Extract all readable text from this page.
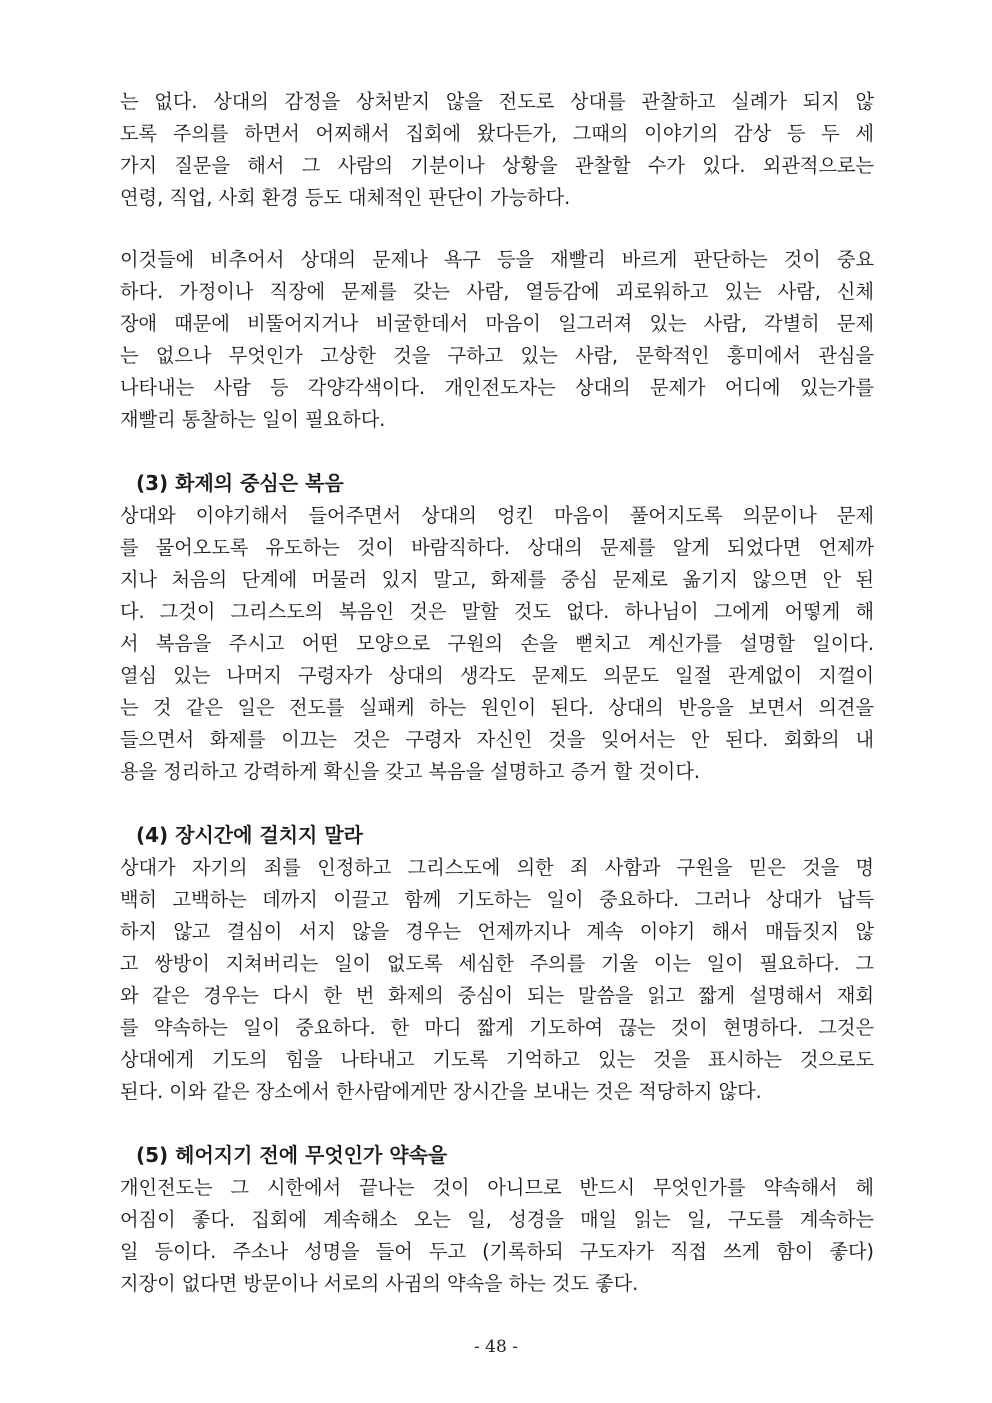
는 없다. 상대의 감정을 상처받지 않을 전도로 상대를 관찰하고 실례가 되지 않
도록 주의를 하면서 어찌해서 집회에 왔다든가, 그때의 이야기의 감상 등 두 세
가지 질문을 해서 그 사람의 기분이나 상황을 관찰할 수가 있다. 외관적으로는
연령, 직업, 사회 환경 등도 대체적인 판단이 가능하다.
이것들에 비추어서 상대의 문제나 욕구 등을 재빨리 바르게 판단하는 것이 중요
하다. 가정이나 직장에 문제를 갖는 사람, 열등감에 괴로워하고 있는 사람, 신체
장애 때문에 비뚤어지거나 비굴한데서 마음이 일그러져 있는 사람, 각별히 문제
는 없으나 무엇인가 고상한 것을 구하고 있는 사람, 문학적인 흥미에서 관심을
나타내는 사람 등 각양각색이다. 개인전도자는 상대의 문제가 어디에 있는가를
재빨리 통찰하는 일이 필요하다.
(3) 화제의 중심은 복음
상대와 이야기해서 들어주면서 상대의 엉킨 마음이 풀어지도록 의문이나 문제
를 물어오도록 유도하는 것이 바람직하다. 상대의 문제를 알게 되었다면 언제까
지나 처음의 단계에 머물러 있지 말고, 화제를 중심 문제로 옮기지 않으면 안 된
다. 그것이 그리스도의 복음인 것은 말할 것도 없다. 하나님이 그에게 어떻게 해
서 복음을 주시고 어떤 모양으로 구원의 손을 뻗치고 계신가를 설명할 일이다.
열심 있는 나머지 구령자가 상대의 생각도 문제도 의문도 일절 관계없이 지껄이
는 것 같은 일은 전도를 실패케 하는 원인이 된다. 상대의 반응을 보면서 의견을
들으면서 화제를 이끄는 것은 구령자 자신인 것을 잊어서는 안 된다. 회화의 내
용을 정리하고 강력하게 확신을 갖고 복음을 설명하고 증거 할 것이다.
(4) 장시간에 걸치지 말라
상대가 자기의 죄를 인정하고 그리스도에 의한 죄 사함과 구원을 믿은 것을 명
백히 고백하는 데까지 이끌고 함께 기도하는 일이 중요하다. 그러나 상대가 납득
하지 않고 결심이 서지 않을 경우는 언제까지나 계속 이야기 해서 매듭짓지 않
고 쌍방이 지쳐버리는 일이 없도록 세심한 주의를 기울 이는 일이 필요하다. 그
와 같은 경우는 다시 한 번 화제의 중심이 되는 말씀을 읽고 짧게 설명해서 재회
를 약속하는 일이 중요하다. 한 마디 짧게 기도하여 끊는 것이 현명하다. 그것은
상대에게 기도의 힘을 나타내고 기도록 기억하고 있는 것을 표시하는 것으로도
된다. 이와 같은 장소에서 한사람에게만 장시간을 보내는 것은 적당하지 않다.
(5) 헤어지기 전에 무엇인가 약속을
개인전도는 그 시한에서 끝나는 것이 아니므로 반드시 무엇인가를 약속해서 헤
어짐이 좋다. 집회에 계속해소 오는 일, 성경을 매일 읽는 일, 구도를 계속하는
일 등이다. 주소나 성명을 들어 두고 (기록하되 구도자가 직접 쓰게 함이 좋다)
지장이 없다면 방문이나 서로의 사귐의 약속을 하는 것도 좋다.
- 48 -
